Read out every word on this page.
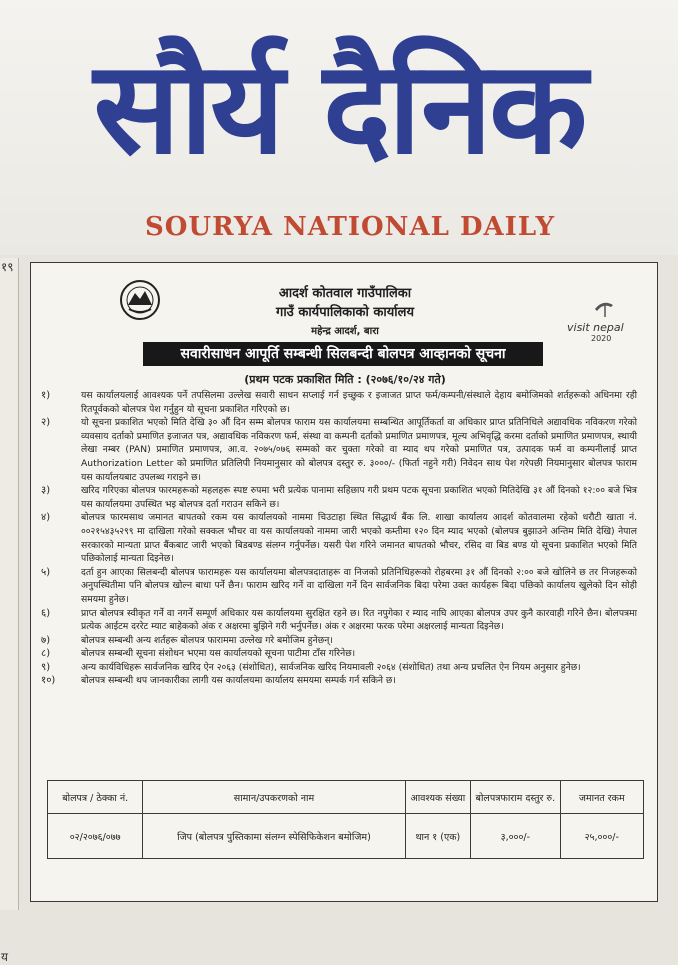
सौर्य दैनिक
SOURYA NATIONAL DAILY
१९
य
आदर्श कोतवाल गाउँपालिका
गाउँ कार्यपालिकाको कार्यालय
महेन्द्र आदर्श, बारा	visit nepal
2020
सवारीसाधन आपूर्ति सम्बन्धी सिलबन्दी बोलपत्र आव्हानको सूचना
(प्रथम पटक प्रकाशित मिति : (२०७६/१०/२४ गते)
१)	यस कार्यालयलाई आवश्यक पर्ने तपसिलमा उल्लेख सवारी साधन सप्लाई गर्न इच्छुक र इजाजत प्राप्त फर्म/कम्पनी/संस्थाले देहाय बमोजिमको शर्तहरूको अधिनमा रही रितपूर्वकको बोलपत्र पेश गर्नुहुन यो सूचना प्रकाशित गरिएको छ।
२)	यो सूचना प्रकाशित भएको मिति देखि ३० औं दिन सम्म बोलपत्र फाराम यस कार्यालयमा सम्बन्धित आपूर्तिकर्ता वा अधिकार प्राप्त प्रतिनिधिले अद्यावधिक नविकरण गरेको व्यवसाय दर्ताको प्रमाणित इजाजत पत्र, अद्यावधिक नविकरण फर्म, संस्था वा कम्पनी दर्ताको प्रमाणित प्रमाणपत्र, मूल्य अभिवृद्धि करमा दर्ताको प्रमाणित प्रमाणपत्र, स्थायी लेखा नम्बर (PAN) प्रमाणित प्रमाणपत्र, आ.व. २०७५/०७६ सम्मको कर चुक्ता गरेको वा म्याद थप गरेको प्रमाणित पत्र, उत्पादक फर्म वा कम्पनीलाई प्राप्त Authorization Letter को प्रमाणित प्रतिलिपी नियमानुसार को बोलपत्र दस्तुर रु. ३०००/- (फिर्ता नहुने गरी) निवेदन साथ पेश गरेपछी नियमानुसार बोलपत्र फाराम यस कार्यालयबाट उपलब्ध गराइने छ।
३)	खरिद गरिएका बोलपत्र फारमहरूको महलहरू स्पष्ट रुपमा भरी प्रत्येक पानामा सहिछाप गरी प्रथम पटक सूचना प्रकाशित भएको मितिदेखि ३१ औं दिनको १२:०० बजे भित्र यस कार्यालयमा उपस्थित भइ बोलपत्र दर्ता गराउन सकिने छ।
४)	बोलपत्र फारमसाथ जमानत बापतको रकम यस कार्यालयको नाममा चिउटाहा स्थित सिद्धार्थ बैंक लि. शाखा कार्यालय आदर्श कोतवालमा रहेको धरौटी खाता नं. ००२१५४३५२९९ मा दाखिला गरेको सक्कल भौचर वा यस कार्यालयको नाममा जारी भएको कम्तीमा १२० दिन म्याद भएको (बोलपत्र बुझाउने अन्तिम मिति देखि) नेपाल सरकारको मान्यता प्राप्त बैंकबाट जारी भएको बिडबण्ड संलग्न गर्नुपर्नेछ। यसरी पेश गरिने जमानत बापतको भौचर, रसिद वा बिड बण्ड यो सूचना प्रकाशित भएको मिति पछिकोलाई मान्यता दिइनेछ।
५)	दर्ता हुन आएका सिलबन्दी बोलपत्र फारामहरू यस कार्यालयमा बोलपत्रदाताहरू वा निजको प्रतिनिधिहरूको रोहबरमा ३१ औं दिनको २:०० बजे खोलिने छ तर निजहरूको अनुपस्थितीमा पनि बोलपत्र खोल्न बाधा पर्ने छैन। फाराम खरिद गर्ने वा दाखिला गर्ने दिन सार्वजनिक बिदा परेमा उक्त कार्यहरू बिदा पछिको कार्यालय खुलेको दिन सोही समयमा हुनेछ।
६)	प्राप्त बोलपत्र स्वीकृत गर्ने वा नगर्ने सम्पूर्ण अधिकार यस कार्यालयमा सुरक्षित रहने छ। रित नपुगेका र म्याद नाघि आएका बोलपत्र उपर कुनै कारवाही गरिने छैन। बोलपत्रमा प्रत्येक आईटम दररेट म्याट बाहेकको अंक र अक्षरमा बुझिने गरी भर्नुपर्नेछ। अंक र अक्षरमा फरक परेमा अक्षरलाई मान्यता दिइनेछ।
७)	बोलपत्र सम्बन्धी अन्य शर्तहरू बोलपत्र फाराममा उल्लेख गरे बमोजिम हुनेछन्।
८)	बोलपत्र सम्बन्धी सूचना संशोधन भएमा यस कार्यालयको सूचना पाटीमा टाँस गरिनेछ।
९)	अन्य कार्यविधिहरू सार्वजनिक खरिद ऐन २०६३ (संशोधित), सार्वजनिक खरिद नियमावली २०६४ (संशोधित) तथा अन्य प्रचलित ऐन नियम अनुसार हुनेछ।
१०)	बोलपत्र सम्बन्धी थप जानकारीका लागी यस कार्यालयमा कार्यालय समयमा सम्पर्क गर्न सकिने छ।
बोलपत्र / ठेक्का नं.	सामान/उपकरणको नाम	आवश्यक संख्या	बोलपत्रफाराम दस्तुर रु.	जमानत रकम
०२/२०७६/०७७	जिप (बोलपत्र पुस्तिकामा संलग्न स्पेसिफिकेशन बमोजिम)	थान १ (एक)	३,०००/-	२५,०००/-
